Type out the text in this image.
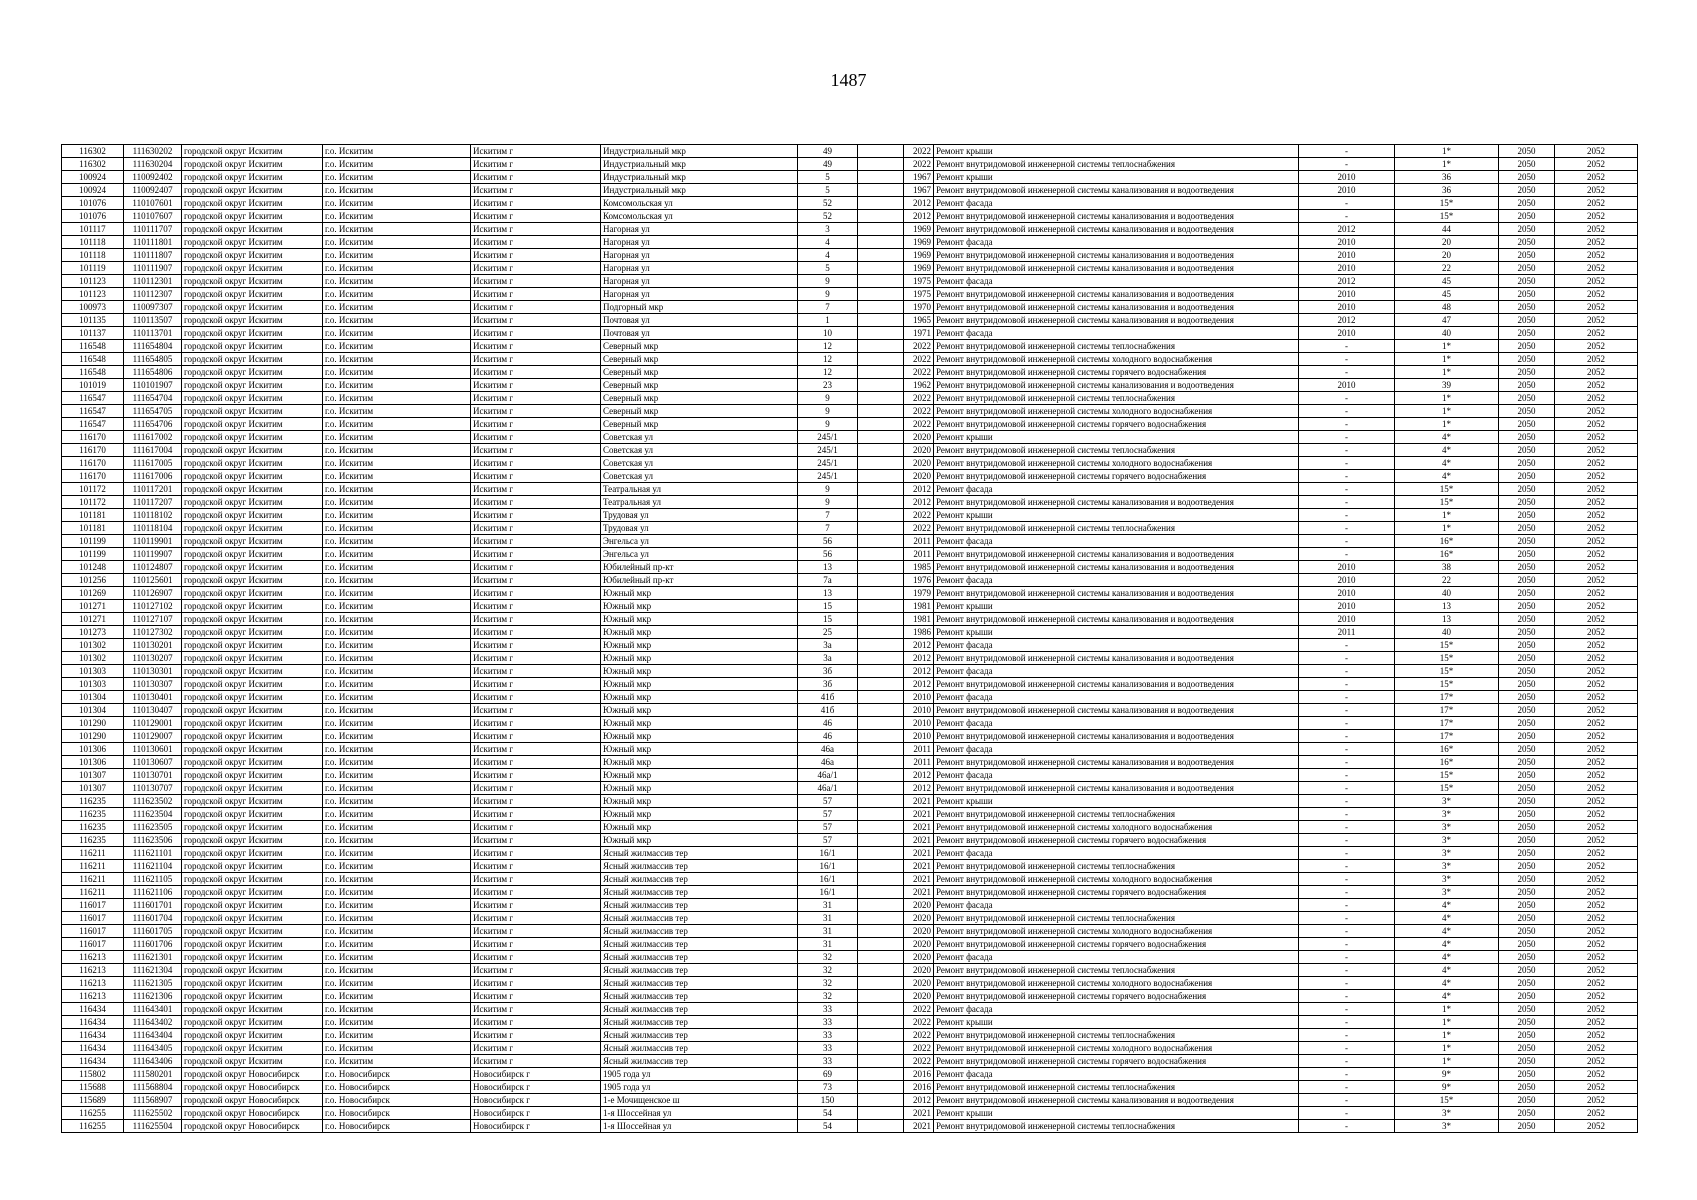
1487
116302	111630202	городской округ Искитим	г.о. Искитим	Искитим г	Индустриальный мкр	49		2022	Ремонт крыши	-	1*	2050	2052
116302	111630204	городской округ Искитим	г.о. Искитим	Искитим г	Индустриальный мкр	49		2022	Ремонт внутридомовой инженерной системы теплоснабжения	-	1*	2050	2052
100924	110092402	городской округ Искитим	г.о. Искитим	Искитим г	Индустриальный мкр	5		1967	Ремонт крыши	2010	36	2050	2052
100924	110092407	городской округ Искитим	г.о. Искитим	Искитим г	Индустриальный мкр	5		1967	Ремонт внутридомовой инженерной системы канализования и водоотведения	2010	36	2050	2052
101076	110107601	городской округ Искитим	г.о. Искитим	Искитим г	Комсомольская ул	52		2012	Ремонт фасада	-	15*	2050	2052
101076	110107607	городской округ Искитим	г.о. Искитим	Искитим г	Комсомольская ул	52		2012	Ремонт внутридомовой инженерной системы канализования и водоотведения	-	15*	2050	2052
101117	110111707	городской округ Искитим	г.о. Искитим	Искитим г	Нагорная ул	3		1969	Ремонт внутридомовой инженерной системы канализования и водоотведения	2012	44	2050	2052
101118	110111801	городской округ Искитим	г.о. Искитим	Искитим г	Нагорная ул	4		1969	Ремонт фасада	2010	20	2050	2052
101118	110111807	городской округ Искитим	г.о. Искитим	Искитим г	Нагорная ул	4		1969	Ремонт внутридомовой инженерной системы канализования и водоотведения	2010	20	2050	2052
101119	110111907	городской округ Искитим	г.о. Искитим	Искитим г	Нагорная ул	5		1969	Ремонт внутридомовой инженерной системы канализования и водоотведения	2010	22	2050	2052
101123	110112301	городской округ Искитим	г.о. Искитим	Искитим г	Нагорная ул	9		1975	Ремонт фасада	2012	45	2050	2052
101123	110112307	городской округ Искитим	г.о. Искитим	Искитим г	Нагорная ул	9		1975	Ремонт внутридомовой инженерной системы канализования и водоотведения	2010	45	2050	2052
100973	110097307	городской округ Искитим	г.о. Искитим	Искитим г	Подгорный мкр	7		1970	Ремонт внутридомовой инженерной системы канализования и водоотведения	2010	48	2050	2052
101135	110113507	городской округ Искитим	г.о. Искитим	Искитим г	Почтовая ул	1		1965	Ремонт внутридомовой инженерной системы канализования и водоотведения	2012	47	2050	2052
101137	110113701	городской округ Искитим	г.о. Искитим	Искитим г	Почтовая ул	10		1971	Ремонт фасада	2010	40	2050	2052
116548	111654804	городской округ Искитим	г.о. Искитим	Искитим г	Северный мкр	12		2022	Ремонт внутридомовой инженерной системы теплоснабжения	-	1*	2050	2052
116548	111654805	городской округ Искитим	г.о. Искитим	Искитим г	Северный мкр	12		2022	Ремонт внутридомовой инженерной системы холодного водоснабжения	-	1*	2050	2052
116548	111654806	городской округ Искитим	г.о. Искитим	Искитим г	Северный мкр	12		2022	Ремонт внутридомовой инженерной системы горячего водоснабжения	-	1*	2050	2052
101019	110101907	городской округ Искитим	г.о. Искитим	Искитим г	Северный мкр	23		1962	Ремонт внутридомовой инженерной системы канализования и водоотведения	2010	39	2050	2052
116547	111654704	городской округ Искитим	г.о. Искитим	Искитим г	Северный мкр	9		2022	Ремонт внутридомовой инженерной системы теплоснабжения	-	1*	2050	2052
116547	111654705	городской округ Искитим	г.о. Искитим	Искитим г	Северный мкр	9		2022	Ремонт внутридомовой инженерной системы холодного водоснабжения	-	1*	2050	2052
116547	111654706	городской округ Искитим	г.о. Искитим	Искитим г	Северный мкр	9		2022	Ремонт внутридомовой инженерной системы горячего водоснабжения	-	1*	2050	2052
116170	111617002	городской округ Искитим	г.о. Искитим	Искитим г	Советская ул	245/1		2020	Ремонт крыши	-	4*	2050	2052
116170	111617004	городской округ Искитим	г.о. Искитим	Искитим г	Советская ул	245/1		2020	Ремонт внутридомовой инженерной системы теплоснабжения	-	4*	2050	2052
116170	111617005	городской округ Искитим	г.о. Искитим	Искитим г	Советская ул	245/1		2020	Ремонт внутридомовой инженерной системы холодного водоснабжения	-	4*	2050	2052
116170	111617006	городской округ Искитим	г.о. Искитим	Искитим г	Советская ул	245/1		2020	Ремонт внутридомовой инженерной системы горячего водоснабжения	-	4*	2050	2052
101172	110117201	городской округ Искитим	г.о. Искитим	Искитим г	Театральная ул	9		2012	Ремонт фасада	-	15*	2050	2052
101172	110117207	городской округ Искитим	г.о. Искитим	Искитим г	Театральная ул	9		2012	Ремонт внутридомовой инженерной системы канализования и водоотведения	-	15*	2050	2052
101181	110118102	городской округ Искитим	г.о. Искитим	Искитим г	Трудовая ул	7		2022	Ремонт крыши	-	1*	2050	2052
101181	110118104	городской округ Искитим	г.о. Искитим	Искитим г	Трудовая ул	7		2022	Ремонт внутридомовой инженерной системы теплоснабжения	-	1*	2050	2052
101199	110119901	городской округ Искитим	г.о. Искитим	Искитим г	Энгельса ул	56		2011	Ремонт фасада	-	16*	2050	2052
101199	110119907	городской округ Искитим	г.о. Искитим	Искитим г	Энгельса ул	56		2011	Ремонт внутридомовой инженерной системы канализования и водоотведения	-	16*	2050	2052
101248	110124807	городской округ Искитим	г.о. Искитим	Искитим г	Юбилейный пр-кт	13		1985	Ремонт внутридомовой инженерной системы канализования и водоотведения	2010	38	2050	2052
101256	110125601	городской округ Искитим	г.о. Искитим	Искитим г	Юбилейный пр-кт	7а		1976	Ремонт фасада	2010	22	2050	2052
101269	110126907	городской округ Искитим	г.о. Искитим	Искитим г	Южный мкр	13		1979	Ремонт внутридомовой инженерной системы канализования и водоотведения	2010	40	2050	2052
101271	110127102	городской округ Искитим	г.о. Искитим	Искитим г	Южный мкр	15		1981	Ремонт крыши	2010	13	2050	2052
101271	110127107	городской округ Искитим	г.о. Искитим	Искитим г	Южный мкр	15		1981	Ремонт внутридомовой инженерной системы канализования и водоотведения	2010	13	2050	2052
101273	110127302	городской округ Искитим	г.о. Искитим	Искитим г	Южный мкр	25		1986	Ремонт крыши	2011	40	2050	2052
101302	110130201	городской округ Искитим	г.о. Искитим	Искитим г	Южный мкр	3а		2012	Ремонт фасада	-	15*	2050	2052
101302	110130207	городской округ Искитим	г.о. Искитим	Искитим г	Южный мкр	3а		2012	Ремонт внутридомовой инженерной системы канализования и водоотведения	-	15*	2050	2052
101303	110130301	городской округ Искитим	г.о. Искитим	Искитим г	Южный мкр	3б		2012	Ремонт фасада	-	15*	2050	2052
101303	110130307	городской округ Искитим	г.о. Искитим	Искитим г	Южный мкр	3б		2012	Ремонт внутридомовой инженерной системы канализования и водоотведения	-	15*	2050	2052
101304	110130401	городской округ Искитим	г.о. Искитим	Искитим г	Южный мкр	41б		2010	Ремонт фасада	-	17*	2050	2052
101304	110130407	городской округ Искитим	г.о. Искитим	Искитим г	Южный мкр	41б		2010	Ремонт внутридомовой инженерной системы канализования и водоотведения	-	17*	2050	2052
101290	110129001	городской округ Искитим	г.о. Искитим	Искитим г	Южный мкр	46		2010	Ремонт фасада	-	17*	2050	2052
101290	110129007	городской округ Искитим	г.о. Искитим	Искитим г	Южный мкр	46		2010	Ремонт внутридомовой инженерной системы канализования и водоотведения	-	17*	2050	2052
101306	110130601	городской округ Искитим	г.о. Искитим	Искитим г	Южный мкр	46а		2011	Ремонт фасада	-	16*	2050	2052
101306	110130607	городской округ Искитим	г.о. Искитим	Искитим г	Южный мкр	46а		2011	Ремонт внутридомовой инженерной системы канализования и водоотведения	-	16*	2050	2052
101307	110130701	городской округ Искитим	г.о. Искитим	Искитим г	Южный мкр	46а/1		2012	Ремонт фасада	-	15*	2050	2052
101307	110130707	городской округ Искитим	г.о. Искитим	Искитим г	Южный мкр	46а/1		2012	Ремонт внутридомовой инженерной системы канализования и водоотведения	-	15*	2050	2052
116235	111623502	городской округ Искитим	г.о. Искитим	Искитим г	Южный мкр	57		2021	Ремонт крыши	-	3*	2050	2052
116235	111623504	городской округ Искитим	г.о. Искитим	Искитим г	Южный мкр	57		2021	Ремонт внутридомовой инженерной системы теплоснабжения	-	3*	2050	2052
116235	111623505	городской округ Искитим	г.о. Искитим	Искитим г	Южный мкр	57		2021	Ремонт внутридомовой инженерной системы холодного водоснабжения	-	3*	2050	2052
116235	111623506	городской округ Искитим	г.о. Искитим	Искитим г	Южный мкр	57		2021	Ремонт внутридомовой инженерной системы горячего водоснабжения	-	3*	2050	2052
116211	111621101	городской округ Искитим	г.о. Искитим	Искитим г	Ясный жилмассив тер	16/1		2021	Ремонт фасада	-	3*	2050	2052
116211	111621104	городской округ Искитим	г.о. Искитим	Искитим г	Ясный жилмассив тер	16/1		2021	Ремонт внутридомовой инженерной системы теплоснабжения	-	3*	2050	2052
116211	111621105	городской округ Искитим	г.о. Искитим	Искитим г	Ясный жилмассив тер	16/1		2021	Ремонт внутридомовой инженерной системы холодного водоснабжения	-	3*	2050	2052
116211	111621106	городской округ Искитим	г.о. Искитим	Искитим г	Ясный жилмассив тер	16/1		2021	Ремонт внутридомовой инженерной системы горячего водоснабжения	-	3*	2050	2052
116017	111601701	городской округ Искитим	г.о. Искитим	Искитим г	Ясный жилмассив тер	31		2020	Ремонт фасада	-	4*	2050	2052
116017	111601704	городской округ Искитим	г.о. Искитим	Искитим г	Ясный жилмассив тер	31		2020	Ремонт внутридомовой инженерной системы теплоснабжения	-	4*	2050	2052
116017	111601705	городской округ Искитим	г.о. Искитим	Искитим г	Ясный жилмассив тер	31		2020	Ремонт внутридомовой инженерной системы холодного водоснабжения	-	4*	2050	2052
116017	111601706	городской округ Искитим	г.о. Искитим	Искитим г	Ясный жилмассив тер	31		2020	Ремонт внутридомовой инженерной системы горячего водоснабжения	-	4*	2050	2052
116213	111621301	городской округ Искитим	г.о. Искитим	Искитим г	Ясный жилмассив тер	32		2020	Ремонт фасада	-	4*	2050	2052
116213	111621304	городской округ Искитим	г.о. Искитим	Искитим г	Ясный жилмассив тер	32		2020	Ремонт внутридомовой инженерной системы теплоснабжения	-	4*	2050	2052
116213	111621305	городской округ Искитим	г.о. Искитим	Искитим г	Ясный жилмассив тер	32		2020	Ремонт внутридомовой инженерной системы холодного водоснабжения	-	4*	2050	2052
116213	111621306	городской округ Искитим	г.о. Искитим	Искитим г	Ясный жилмассив тер	32		2020	Ремонт внутридомовой инженерной системы горячего водоснабжения	-	4*	2050	2052
116434	111643401	городской округ Искитим	г.о. Искитим	Искитим г	Ясный жилмассив тер	33		2022	Ремонт фасада	-	1*	2050	2052
116434	111643402	городской округ Искитим	г.о. Искитим	Искитим г	Ясный жилмассив тер	33		2022	Ремонт крыши	-	1*	2050	2052
116434	111643404	городской округ Искитим	г.о. Искитим	Искитим г	Ясный жилмассив тер	33		2022	Ремонт внутридомовой инженерной системы теплоснабжения	-	1*	2050	2052
116434	111643405	городской округ Искитим	г.о. Искитим	Искитим г	Ясный жилмассив тер	33		2022	Ремонт внутридомовой инженерной системы холодного водоснабжения	-	1*	2050	2052
116434	111643406	городской округ Искитим	г.о. Искитим	Искитим г	Ясный жилмассив тер	33		2022	Ремонт внутридомовой инженерной системы горячего водоснабжения	-	1*	2050	2052
115802	111580201	городской округ Новосибирск	г.о. Новосибирск	Новосибирск г	1905 года ул	69		2016	Ремонт фасада	-	9*	2050	2052
115688	111568804	городской округ Новосибирск	г.о. Новосибирск	Новосибирск г	1905 года ул	73		2016	Ремонт внутридомовой инженерной системы теплоснабжения	-	9*	2050	2052
115689	111568907	городской округ Новосибирск	г.о. Новосибирск	Новосибирск г	1-е Мочищенское ш	150		2012	Ремонт внутридомовой инженерной системы канализования и водоотведения	-	15*	2050	2052
116255	111625502	городской округ Новосибирск	г.о. Новосибирск	Новосибирск г	1-я Шоссейная ул	54		2021	Ремонт крыши	-	3*	2050	2052
116255	111625504	городской округ Новосибирск	г.о. Новосибирск	Новосибирск г	1-я Шоссейная ул	54		2021	Ремонт внутридомовой инженерной системы теплоснабжения	-	3*	2050	2052
